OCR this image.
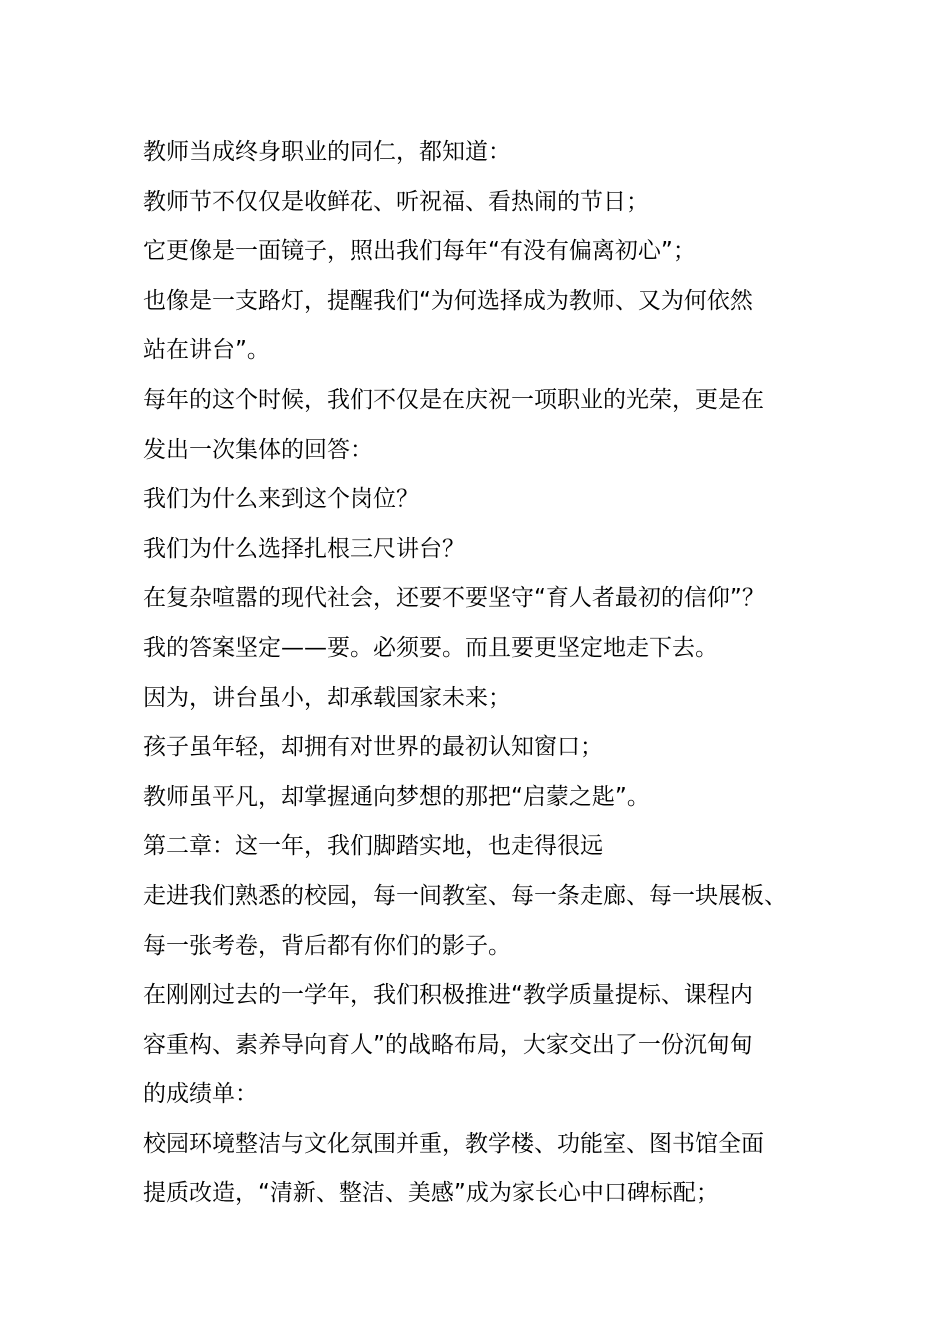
教师当成终身职业的同仁，都知道：
教师节不仅仅是收鲜花、听祝福、看热闹的节日；
它更像是一面镜子，照出我们每年“有没有偏离初心”；
也像是一支路灯，提醒我们“为何选择成为教师、又为何依然
站在讲台”。
每年的这个时候，我们不仅是在庆祝一项职业的光荣，更是在
发出一次集体的回答：
我们为什么来到这个岗位？
我们为什么选择扎根三尺讲台？
在复杂喧嚣的现代社会，还要不要坚守“育人者最初的信仰”？
我的答案坚定——要。必须要。而且要更坚定地走下去。
因为，讲台虽小，却承载国家未来；
孩子虽年轻，却拥有对世界的最初认知窗口；
教师虽平凡，却掌握通向梦想的那把“启蒙之匙”。
第二章：这一年，我们脚踏实地，也走得很远
走进我们熟悉的校园，每一间教室、每一条走廊、每一块展板、
每一张考卷，背后都有你们的影子。
在刚刚过去的一学年，我们积极推进“教学质量提标、课程内
容重构、素养导向育人”的战略布局，大家交出了一份沉甸甸
的成绩单：
校园环境整洁与文化氛围并重，教学楼、功能室、图书馆全面
提质改造，“清新、整洁、美感”成为家长心中口碑标配；
